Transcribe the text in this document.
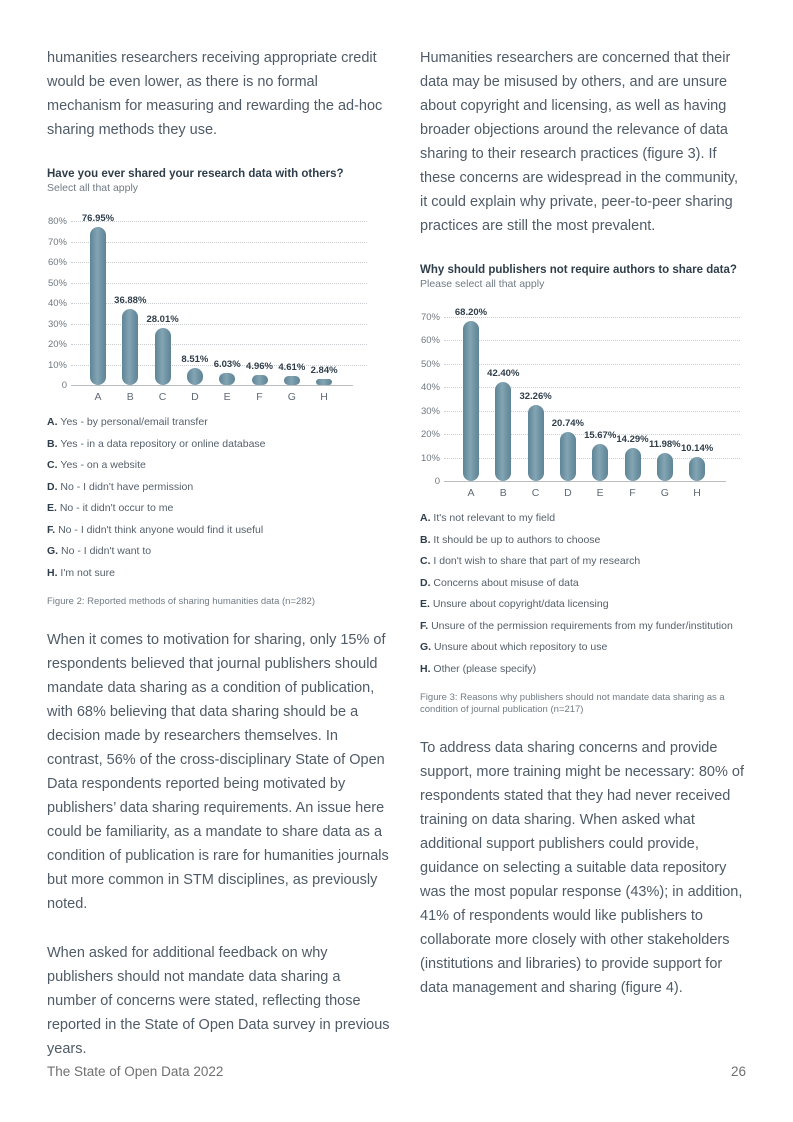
humanities researchers receiving appropriate credit would be even lower, as there is no formal mechanism for measuring and rewarding the ad-hoc sharing methods they use.

Have you ever shared your research data with others?

Select all that apply

80%
70%
60%
50%
40%
30%
20%
10%
0
76.95%
A
36.88%
B
28.01%
C
8.51%
D
6.03%
E
4.96%
F
4.61%
G
2.84%
H
A. Yes - by personal/email transfer
B. Yes - in a data repository or online database
C. Yes - on a website
D. No - I didn't have permission
E. No - it didn't occur to me
F. No - I didn't think anyone would find it useful
G. No - I didn't want to
H. I'm not sure

Figure 2: Reported methods of sharing humanities data (n=282)

When it comes to motivation for sharing, only 15% of respondents believed that journal publishers should mandate data sharing as a condition of publication, with 68% believing that data sharing should be a decision made by researchers themselves. In contrast, 56% of the cross-disciplinary State of Open Data respondents reported being motivated by publishers’ data sharing requirements. An issue here could be familiarity, as a mandate to share data as a condition of publication is rare for humanities journals but more common in STM disciplines, as previously noted.

When asked for additional feedback on why publishers should not mandate data sharing a number of concerns were stated, reflecting those reported in the State of Open Data survey in previous years.

Humanities researchers are concerned that their data may be misused by others, and are unsure about copyright and licensing, as well as having broader objections around the relevance of data sharing to their research practices (figure 3). If these concerns are widespread in the community, it could explain why private, peer-to-peer sharing practices are still the most prevalent.

Why should publishers not require authors to share data?

Please select all that apply

70%
60%
50%
40%
30%
20%
10%
0
68.20%
A
42.40%
B
32.26%
C
20.74%
D
15.67%
E
14.29%
F
11.98%
G
10.14%
H
A. It's not relevant to my field
B. It should be up to authors to choose
C. I don't wish to share that part of my research
D. Concerns about misuse of data
E. Unsure about copyright/data licensing
F. Unsure of the permission requirements from my funder/institution
G. Unsure about which repository to use
H. Other (please specify)

Figure 3: Reasons why publishers should not mandate data sharing as a condition of journal publication (n=217)

To address data sharing concerns and provide support, more training might be necessary: 80% of respondents stated that they had never received training on data sharing. When asked what additional support publishers could provide, guidance on selecting a suitable data repository was the most popular response (43%); in addition, 41% of respondents would like publishers to collaborate more closely with other stakeholders (institutions and libraries) to provide support for data management and sharing (figure 4).

The State of Open Data 2022	26
